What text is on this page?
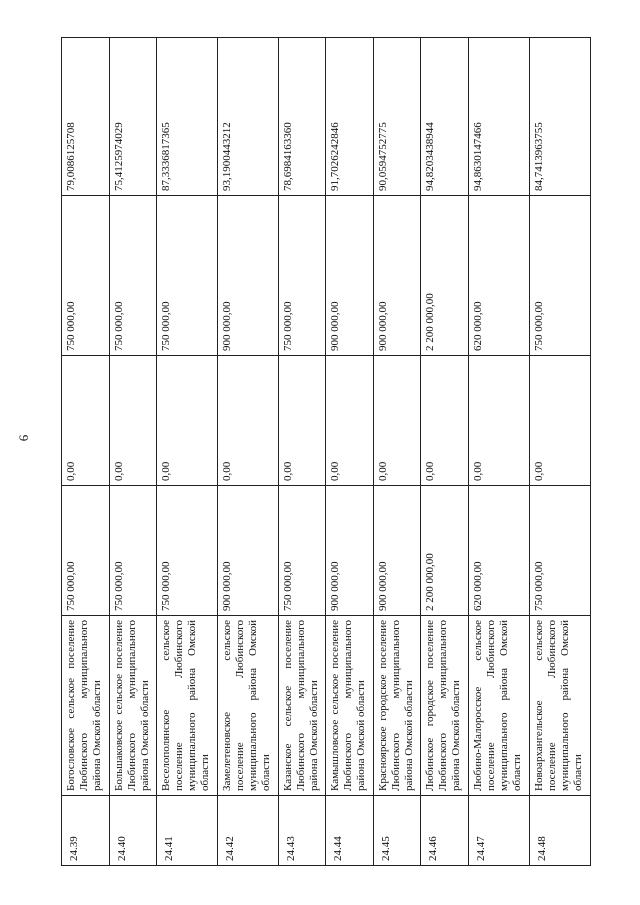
6
24.39	Богословское сельское поселение Любинского муниципального района Омской области	750 000,00	0,00	750 000,00	79,0086125708
24.40	Большаковское сельское поселение Любинского муниципального района Омской области	750 000,00	0,00	750 000,00	75,4125974029
24.41	Веселополянское сельское поселение Любинского муниципального района Омской области	750 000,00	0,00	750 000,00	87,3336817365
24.42	Замелетеновское сельское поселение Любинского муниципального района Омской области	900 000,00	0,00	900 000,00	93,1900443212
24.43	Казанское сельское поселение Любинского муниципального района Омской области	750 000,00	0,00	750 000,00	78,6984163360
24.44	Камышловское сельское поселение Любинского муниципального района Омской области	900 000,00	0,00	900 000,00	91,7026242846
24.45	Красноярское городское поселение Любинского муниципального района Омской области	900 000,00	0,00	900 000,00	90,0594752775
24.46	Любинское городское поселение Любинского муниципального района Омской области	2 200 000,00	0,00	2 200 000,00	94,8203438944
24.47	Любино-Малоросское сельское поселение Любинского муниципального района Омской области	620 000,00	0,00	620 000,00	94,8630147466
24.48	Новоархангельское сельское поселение Любинского муниципального района Омской области	750 000,00	0,00	750 000,00	84,7413963755
